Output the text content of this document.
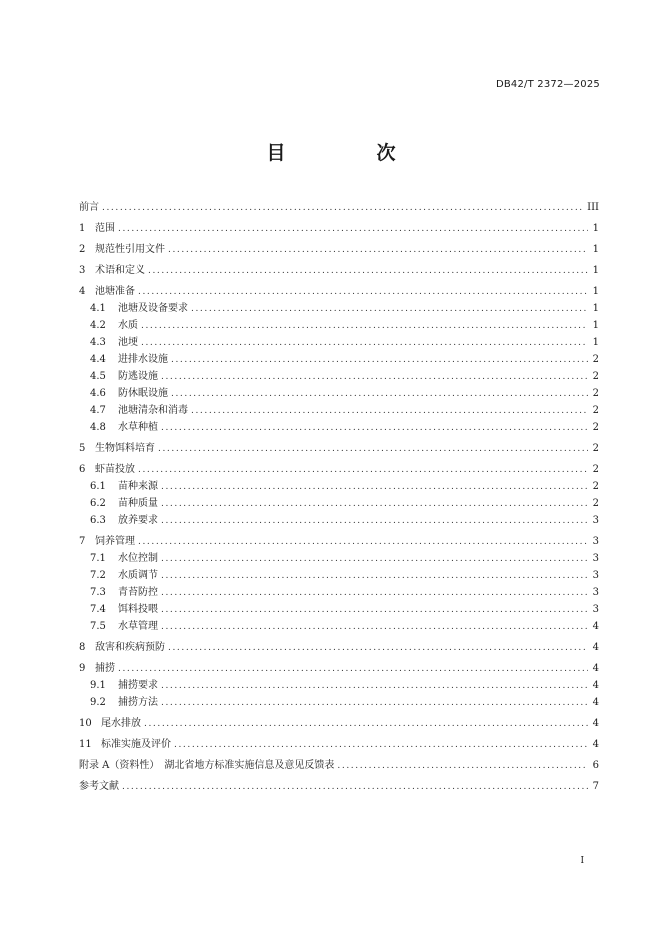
DB42/T 2372—2025
目　次
前言 .....	III
1 范围 .....	1
2 规范性引用文件 .....	1
3 术语和定义 .....	1
4 池塘准备 .....	1
4.1	池塘及设备要求 .....	1
4.2	水质 .....	1
4.3	池埂 .....	1
4.4	进排水设施 .....	2
4.5	防逃设施 .....	2
4.6	防休眠设施 .....	2
4.7	池塘清杂和消毒 .....	2
4.8	水草种植 .....	2
5 生物饵料培育 .....	2
6 虾苗投放 .....	2
6.1	苗种来源 .....	2
6.2	苗种质量 .....	2
6.3	放养要求 .....	3
7 饲养管理 .....	3
7.1	水位控制 .....	3
7.2	水质调节 .....	3
7.3	青苔防控 .....	3
7.4	饵料投喂 .....	3
7.5	水草管理 .....	4
8 敌害和疾病预防 .....	4
9 捕捞 .....	4
9.1	捕捞要求 .....	4
9.2	捕捞方法 .....	4
10 尾水排放 .....	4
11 标准实施及评价 .....	4
附录 A（资料性）　湖北省地方标准实施信息及意见反馈表 .....	6
参考文献 .....	7
I
